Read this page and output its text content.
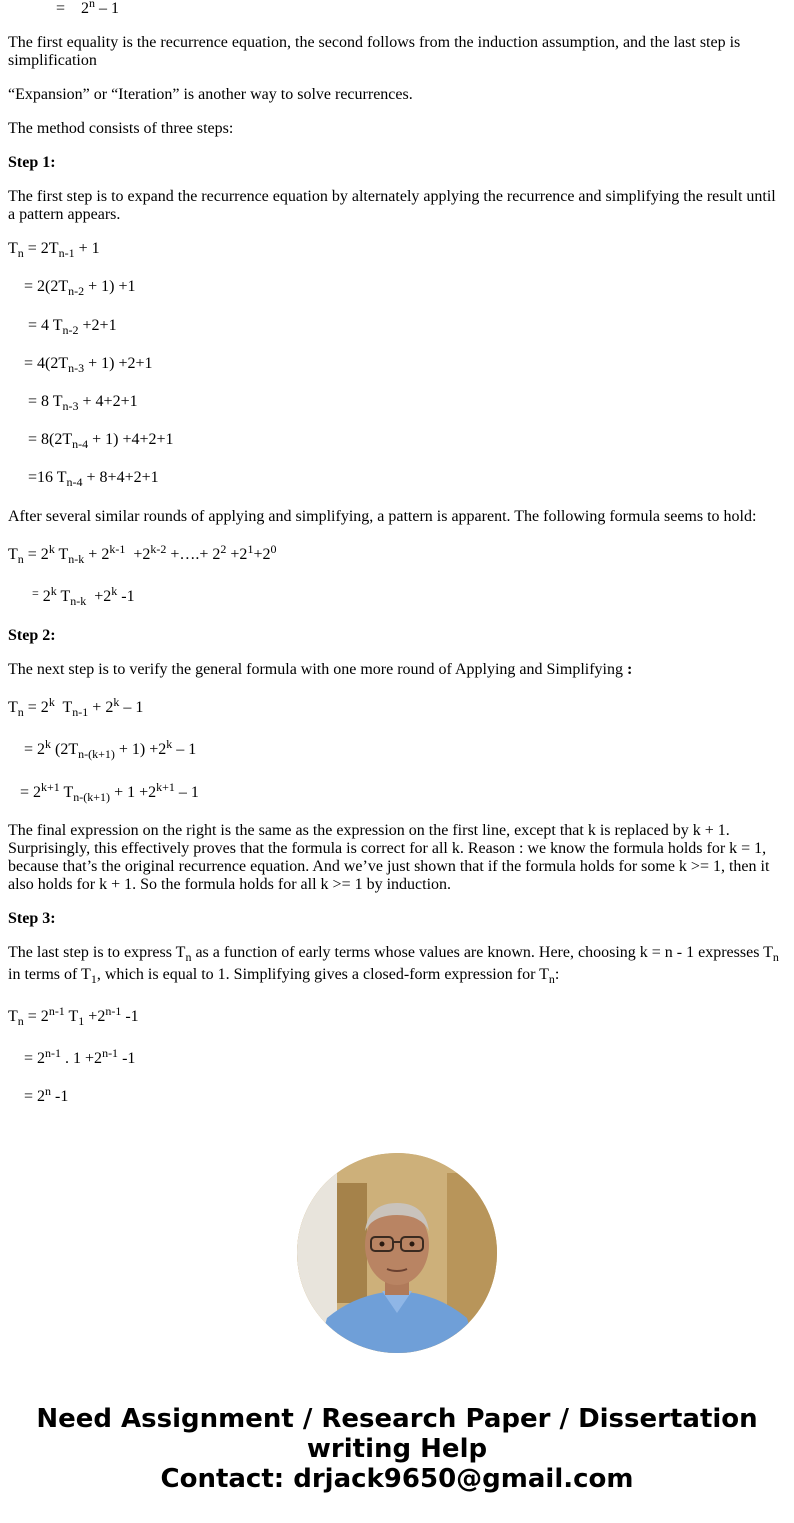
= $2^n - 1$

The first equality is the recurrence equation, the second follows from the induction assumption, and the last step is simplification

“Expansion” or “Iteration” is another way to solve recurrences.

The method consists of three steps:

Step 1:

The first step is to expand the recurrence equation by alternately applying the recurrence and simplifying the result until a pattern appears.

$T_n = 2T_{n-1} + 1$
= $2(2T_{n-2} + 1) +1$
= 4 $T_{n-2} +2+1$
= $4(2T_{n-3} + 1) +2+1$
= 8 $T_{n-3} + 4+2+1$
= $8(2T_{n-4} + 1) +4+2+1$
=16 $T_{n-4} + 8+4+2+1$

After several similar rounds of applying and simplifying, a pattern is apparent. The following formula seems to hold:

$T_n = 2^k$ $T_{n-k} + 2^{k-1} +2^{k-2}$ +….+ $2^2 +2^1+2^0$
= 2$^k$ $T_{n-k} +2^k$ -1

Step 2:

The next step is to verify the general formula with one more round of Applying and Simplifying :

$T_n = 2^k$  $T_{n-1} + 2^k - 1$
= $2^k$ $(2T_{n-(k+1)} + 1) +2^k - 1$
= $2^{k+1}$ $T_{n-(k+1)} + 1 +2^{k+1} - 1$

The final expression on the right is the same as the expression on the first line, except that k is replaced by k + 1. Surprisingly, this effectively proves that the formula is correct for all k. Reason : we know the formula holds for k = 1, because that’s the original recurrence equation. And we’ve just shown that if the formula holds for some k >= 1, then it also holds for k + 1. So the formula holds for all k >= 1 by induction.

Step 3:

The last step is to express $T_n$ as a function of early terms whose values are known. Here, choosing k = n - 1 expresses $T_n$ in terms of $T_1$, which is equal to 1. Simplifying gives a closed-form expression for $T_n$:

$T_n = 2^{n-1}$ $T_1 +2^{n-1}$ -1
= $2^{n-1}$ . $1 +2^{n-1}$ -1
= $2^n$ -1
Need Assignment / Research Paper / Dissertation
writing Help
Contact: drjack9650@gmail.com
